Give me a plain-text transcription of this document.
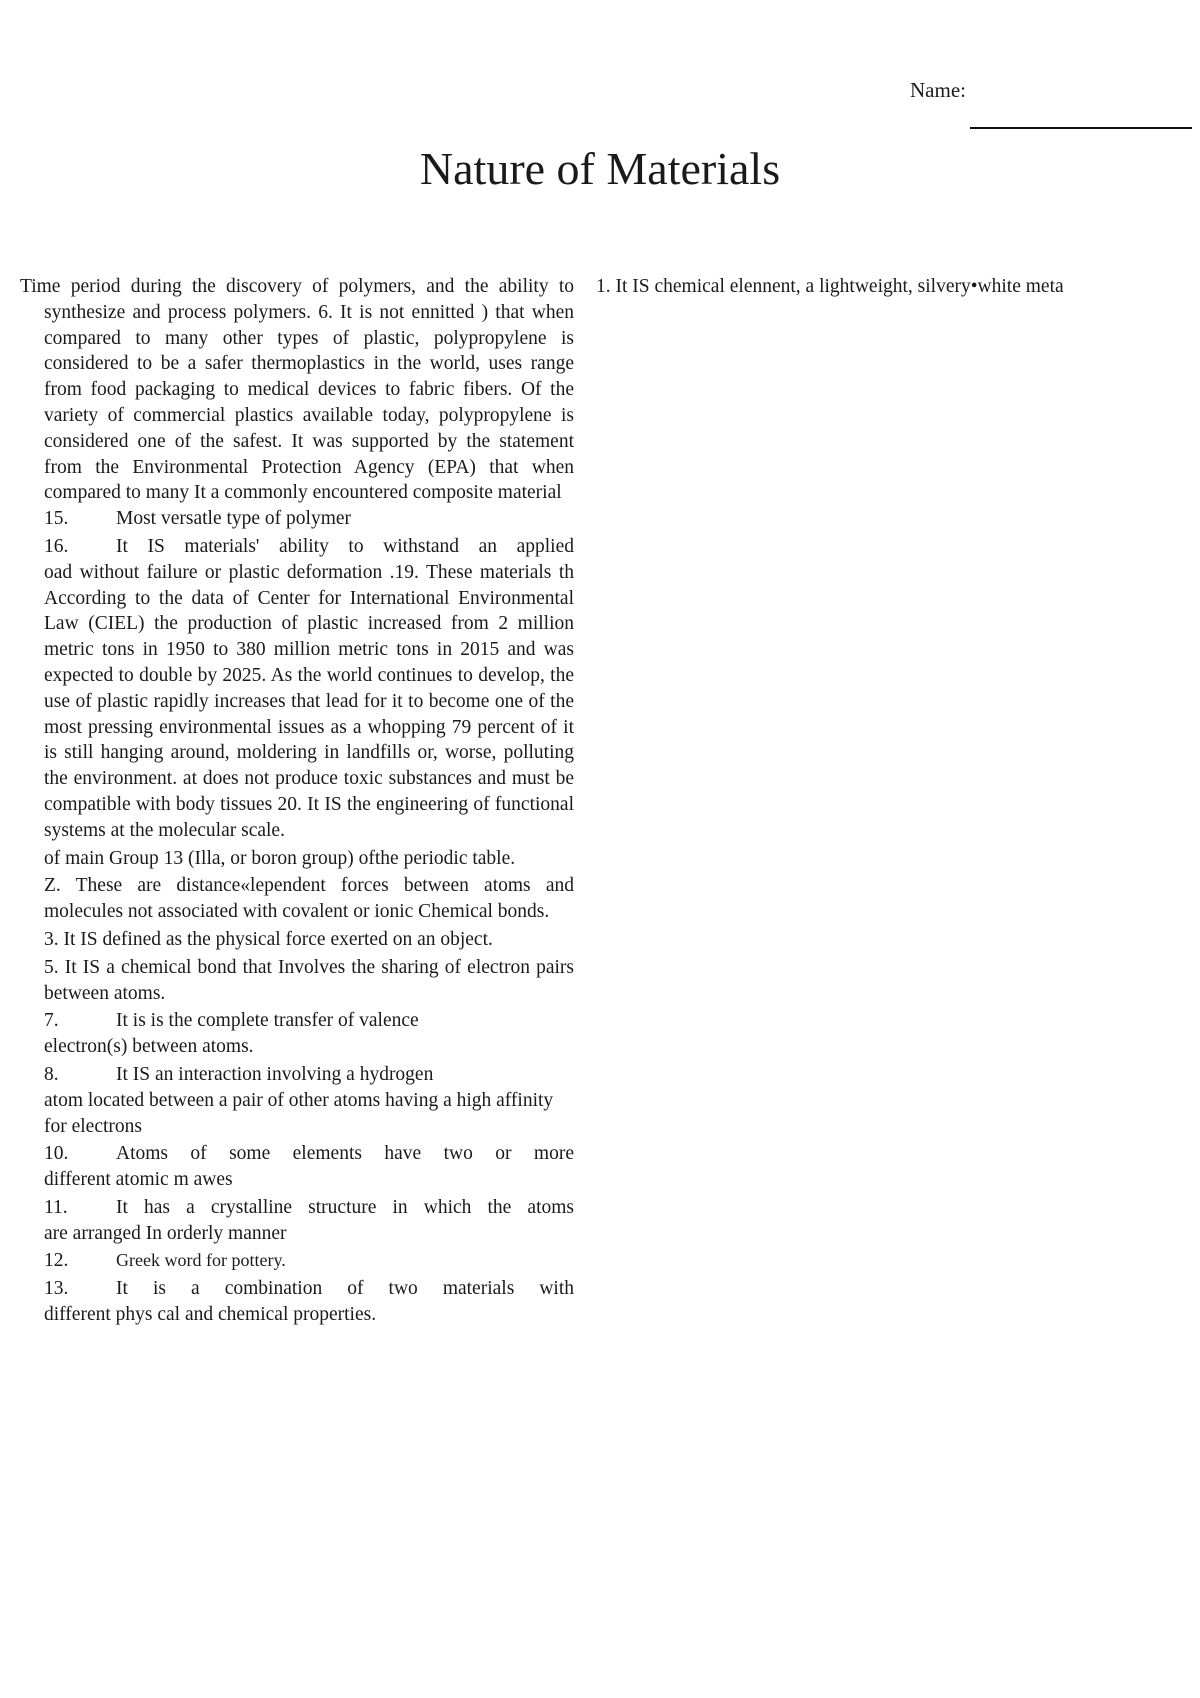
Name:
Nature of Materials
Time period during the discovery of polymers, and the ability to synthesize and process polymers. 6. It is not ennitted ) that when compared to many other types of plastic, polypropylene is considered to be a safer thermoplastics in the world, uses range from food packaging to medical devices to fabric fibers. Of the variety of commercial plastics available today, polypropylene is considered one of the safest. It was supported by the statement from the Environmental Protection Agency (EPA) that when compared to many It a commonly encountered composite material
15. Most versatle type of polymer
16. It IS materials' ability to withstand an applied
oad without failure or plastic deformation .19. These materials th According to the data of Center for International Environmental Law (CIEL) the production of plastic increased from 2 million metric tons in 1950 to 380 million metric tons in 2015 and was expected to double by 2025. As the world continues to develop, the use of plastic rapidly increases that lead for it to become one of the most pressing environmental issues as a whopping 79 percent of it is still hanging around, moldering in landfills or, worse, polluting the environment. at does not produce toxic substances and must be compatible with body tissues 20. It IS the engineering of functional systems at the molecular scale.
of main Group 13 (Illa, or boron group) ofthe periodic table.
Z. These are distance«lependent forces between atoms and molecules not associated with covalent or ionic Chemical bonds.
3. It IS defined as the physical force exerted on an object.
5. It IS a chemical bond that Involves the sharing of electron pairs between atoms.
7.	It is is the complete transfer of valence
electron(s) between atoms.
8.	It IS an interaction involving a hydrogen
atom located between a pair of other atoms having a high affinity for electrons
10. Atoms of some elements have two or more
different atomic m awes
11. It has a crystalline structure in which the atoms
are arranged In orderly manner
12.	Greek word for pottery.
13. It is a combination of two materials with
different phys cal and chemical properties.
1. It IS chemical elennent, a lightweight, silvery•white meta
